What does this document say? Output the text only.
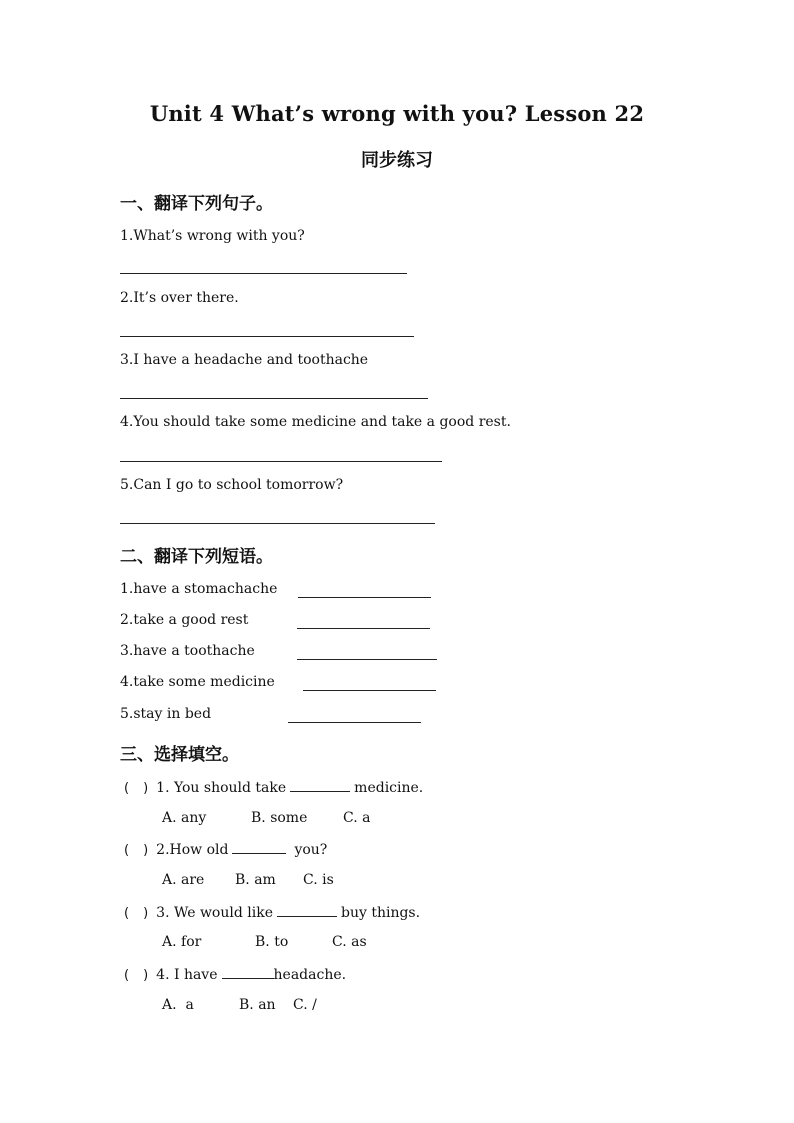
Unit 4 What’s wrong with you? Lesson 22
同步练习
一、翻译下列句子。
1.What’s wrong with you?
2.It’s over there.
3.I have a headache and toothache
4.You should take some medicine and take a good rest.
5.Can I go to school tomorrow?
二、翻译下列短语。
1.have a stomachache
2.take a good rest
3.have a toothache
4.take some medicine
5.stay in bed
三、选择填空。
( ) 1. You should take	medicine.
A. any	B. some	C. a
( ) 2.How old	you?
A. are B. am C. is
( ) 3. We would like	buy things.
A. for	B. to	C. as
( ) 4. I have	headache.
A.  a	B. an C. /
